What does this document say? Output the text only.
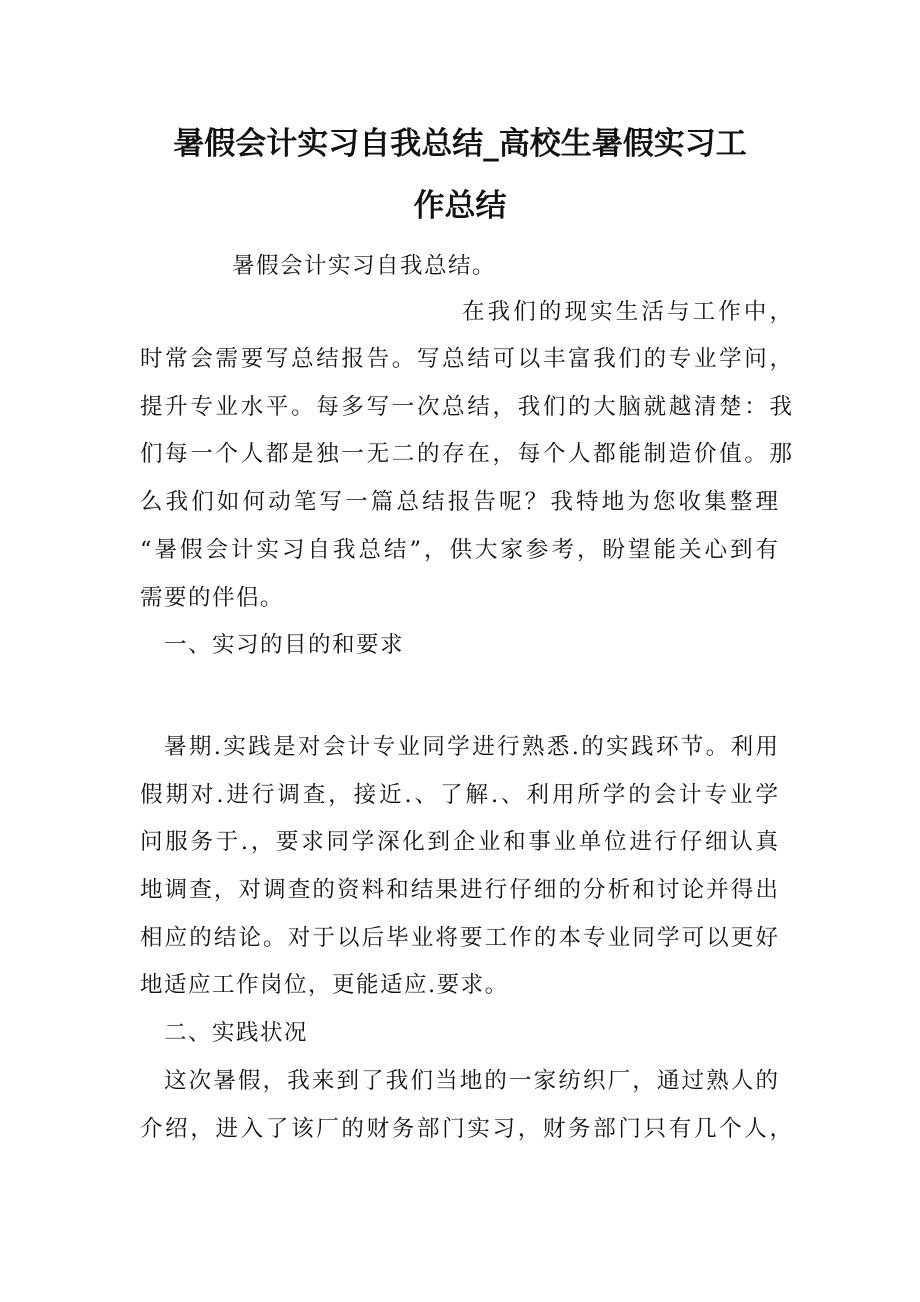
暑假会计实习自我总结_高校生暑假实习工
作总结

暑假会计实习自我总结。

在我们的现实生活与工作中，

时常会需要写总结报告。写总结可以丰富我们的专业学问，

提升专业水平。每多写一次总结，我们的大脑就越清楚：我

们每一个人都是独一无二的存在，每个人都能制造价值。那

么我们如何动笔写一篇总结报告呢？我特地为您收集整理

“暑假会计实习自我总结”，供大家参考，盼望能关心到有

需要的伴侣。

一、实习的目的和要求

暑期.实践是对会计专业同学进行熟悉.的实践环节。利用

假期对.进行调查，接近.、了解.、利用所学的会计专业学

问服务于.，要求同学深化到企业和事业单位进行仔细认真

地调查，对调查的资料和结果进行仔细的分析和讨论并得出

相应的结论。对于以后毕业将要工作的本专业同学可以更好

地适应工作岗位，更能适应.要求。

二、实践状况

这次暑假，我来到了我们当地的一家纺织厂，通过熟人的

介绍，进入了该厂的财务部门实习，财务部门只有几个人，
